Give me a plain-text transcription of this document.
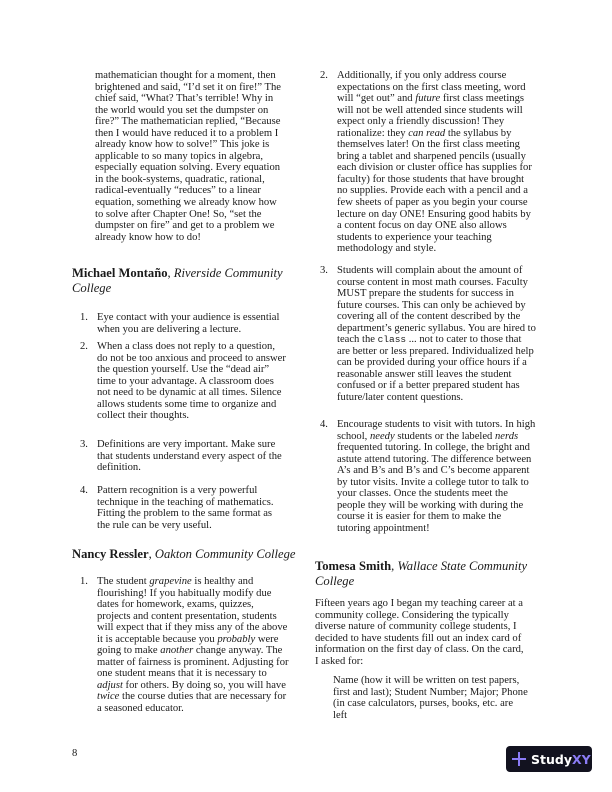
mathematician thought for a moment, then brightened and said, “I’d set it on fire!” The chief said, “What? That’s terrible! Why in the world would you set the dumpster on fire?” The mathematician replied, “Because then I would have reduced it to a problem I already know how to solve!” This joke is applicable to so many topics in algebra, especially equation solving. Every equation in the book-systems, quadratic, rational, radical-eventually “reduces” to a linear equation, something we already know how to solve after Chapter One! So, “set the dumpster on fire” and get to a problem we already know how to do!
Michael Montaño, Riverside Community College
1. Eye contact with your audience is essential when you are delivering a lecture.
2. When a class does not reply to a question, do not be too anxious and proceed to answer the question yourself. Use the “dead air” time to your advantage. A classroom does not need to be dynamic at all times. Silence allows students some time to organize and collect their thoughts.
3. Definitions are very important. Make sure that students understand every aspect of the definition.
4. Pattern recognition is a very powerful technique in the teaching of mathematics. Fitting the problem to the same format as the rule can be very useful.
Nancy Ressler, Oakton Community College
1. The student grapevine is healthy and flourishing! If you habitually modify due dates for homework, exams, quizzes, projects and content presentation, students will expect that if they miss any of the above it is acceptable because you probably were going to make another change anyway. The matter of fairness is prominent. Adjusting for one student means that it is necessary to adjust for others. By doing so, you will have twice the course duties that are necessary for a seasoned educator.
8
2. Additionally, if you only address course expectations on the first class meeting, word will “get out” and future first class meetings will not be well attended since students will expect only a friendly discussion! They rationalize: they can read the syllabus by themselves later! On the first class meeting bring a tablet and sharpened pencils (usually each division or cluster office has supplies for faculty) for those students that have brought no supplies. Provide each with a pencil and a few sheets of paper as you begin your course lecture on day ONE! Ensuring good habits by a content focus on day ONE also allows students to experience your teaching methodology and style.
3. Students will complain about the amount of course content in most math courses. Faculty MUST prepare the students for success in future courses. This can only be achieved by covering all of the content described by the department’s generic syllabus. You are hired to teach the class ... not to cater to those that are better or less prepared. Individualized help can be provided during your office hours if a reasonable answer still leaves the student confused or if a better prepared student has future/later content questions.
4. Encourage students to visit with tutors. In high school, needy students or the labeled nerds frequented tutoring. In college, the bright and astute attend tutoring. The difference between A’s and B’s and B’s and C’s become apparent by tutor visits. Invite a college tutor to talk to your classes. Once the students meet the people they will be working with during the course it is easier for them to make the tutoring appointment!
Tomesa Smith, Wallace State Community College
Fifteen years ago I began my teaching career at a community college. Considering the typically diverse nature of community college students, I decided to have students fill out an index card of information on the first day of class. On the card, I asked for:
Name (how it will be written on test papers, first and last); Student Number; Major; Phone (in case calculators, purses, books, etc. are left
StudyXY
